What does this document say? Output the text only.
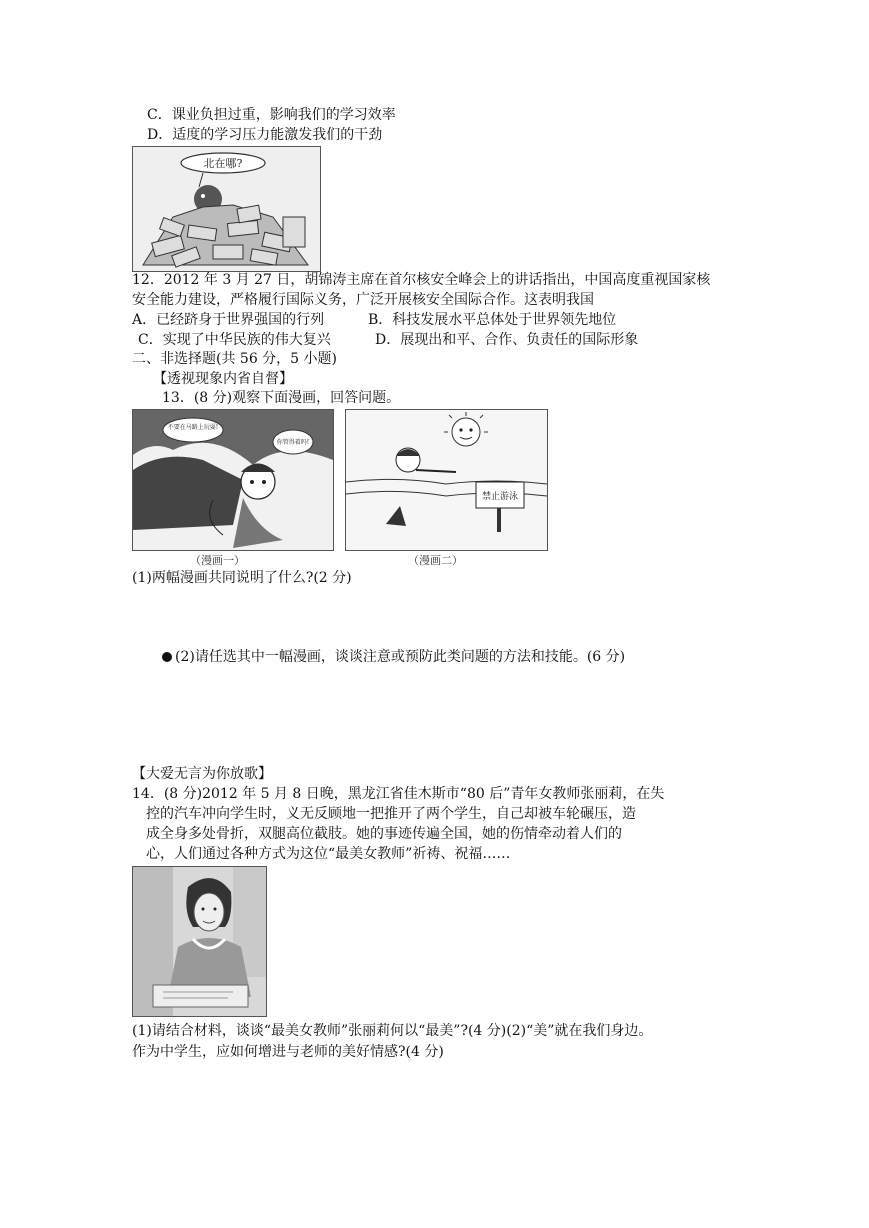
C．课业负担过重，影响我们的学习效率
D．适度的学习压力能激发我们的干劲
北在哪?
12．2012 年 3 月 27 日，胡锦涛主席在首尔核安全峰会上的讲话指出，中国高度重视国家核
安全能力建设，严格履行国际义务，广泛开展核安全国际合作。这表明我国
A．已经跻身于世界强国的行列	B．科技发展水平总体处于世界领先地位
C．实现了中华民族的伟大复兴	D．展现出和平、合作、负责任的国际形象
二、非选择题(共 56 分，5 小题)
【透视现象内省自督】
13．(8 分)观察下面漫画，回答问题。
不要在马路上玩耍!
你管得着吗!
（漫画一）
禁止游泳
（漫画二）
(1)两幅漫画共同说明了什么?(2 分)
(2)请任选其中一幅漫画，谈谈注意或预防此类问题的方法和技能。(6 分)
【大爱无言为你放歌】
14．(8 分)2012 年 5 月 8 日晚，黑龙江省佳木斯市“80 后”青年女教师张丽莉，在失
控的汽车冲向学生时，义无反顾地一把推开了两个学生，自己却被车轮碾压，造
成全身多处骨折，双腿高位截肢。她的事迹传遍全国，她的伤情牵动着人们的
心，人们通过各种方式为这位“最美女教师”祈祷、祝福……
(1)请结合材料，谈谈“最美女教师”张丽莉何以“最美”?(4 分)(2)“美”就在我们身边。
作为中学生，应如何增进与老师的美好情感?(4 分)
